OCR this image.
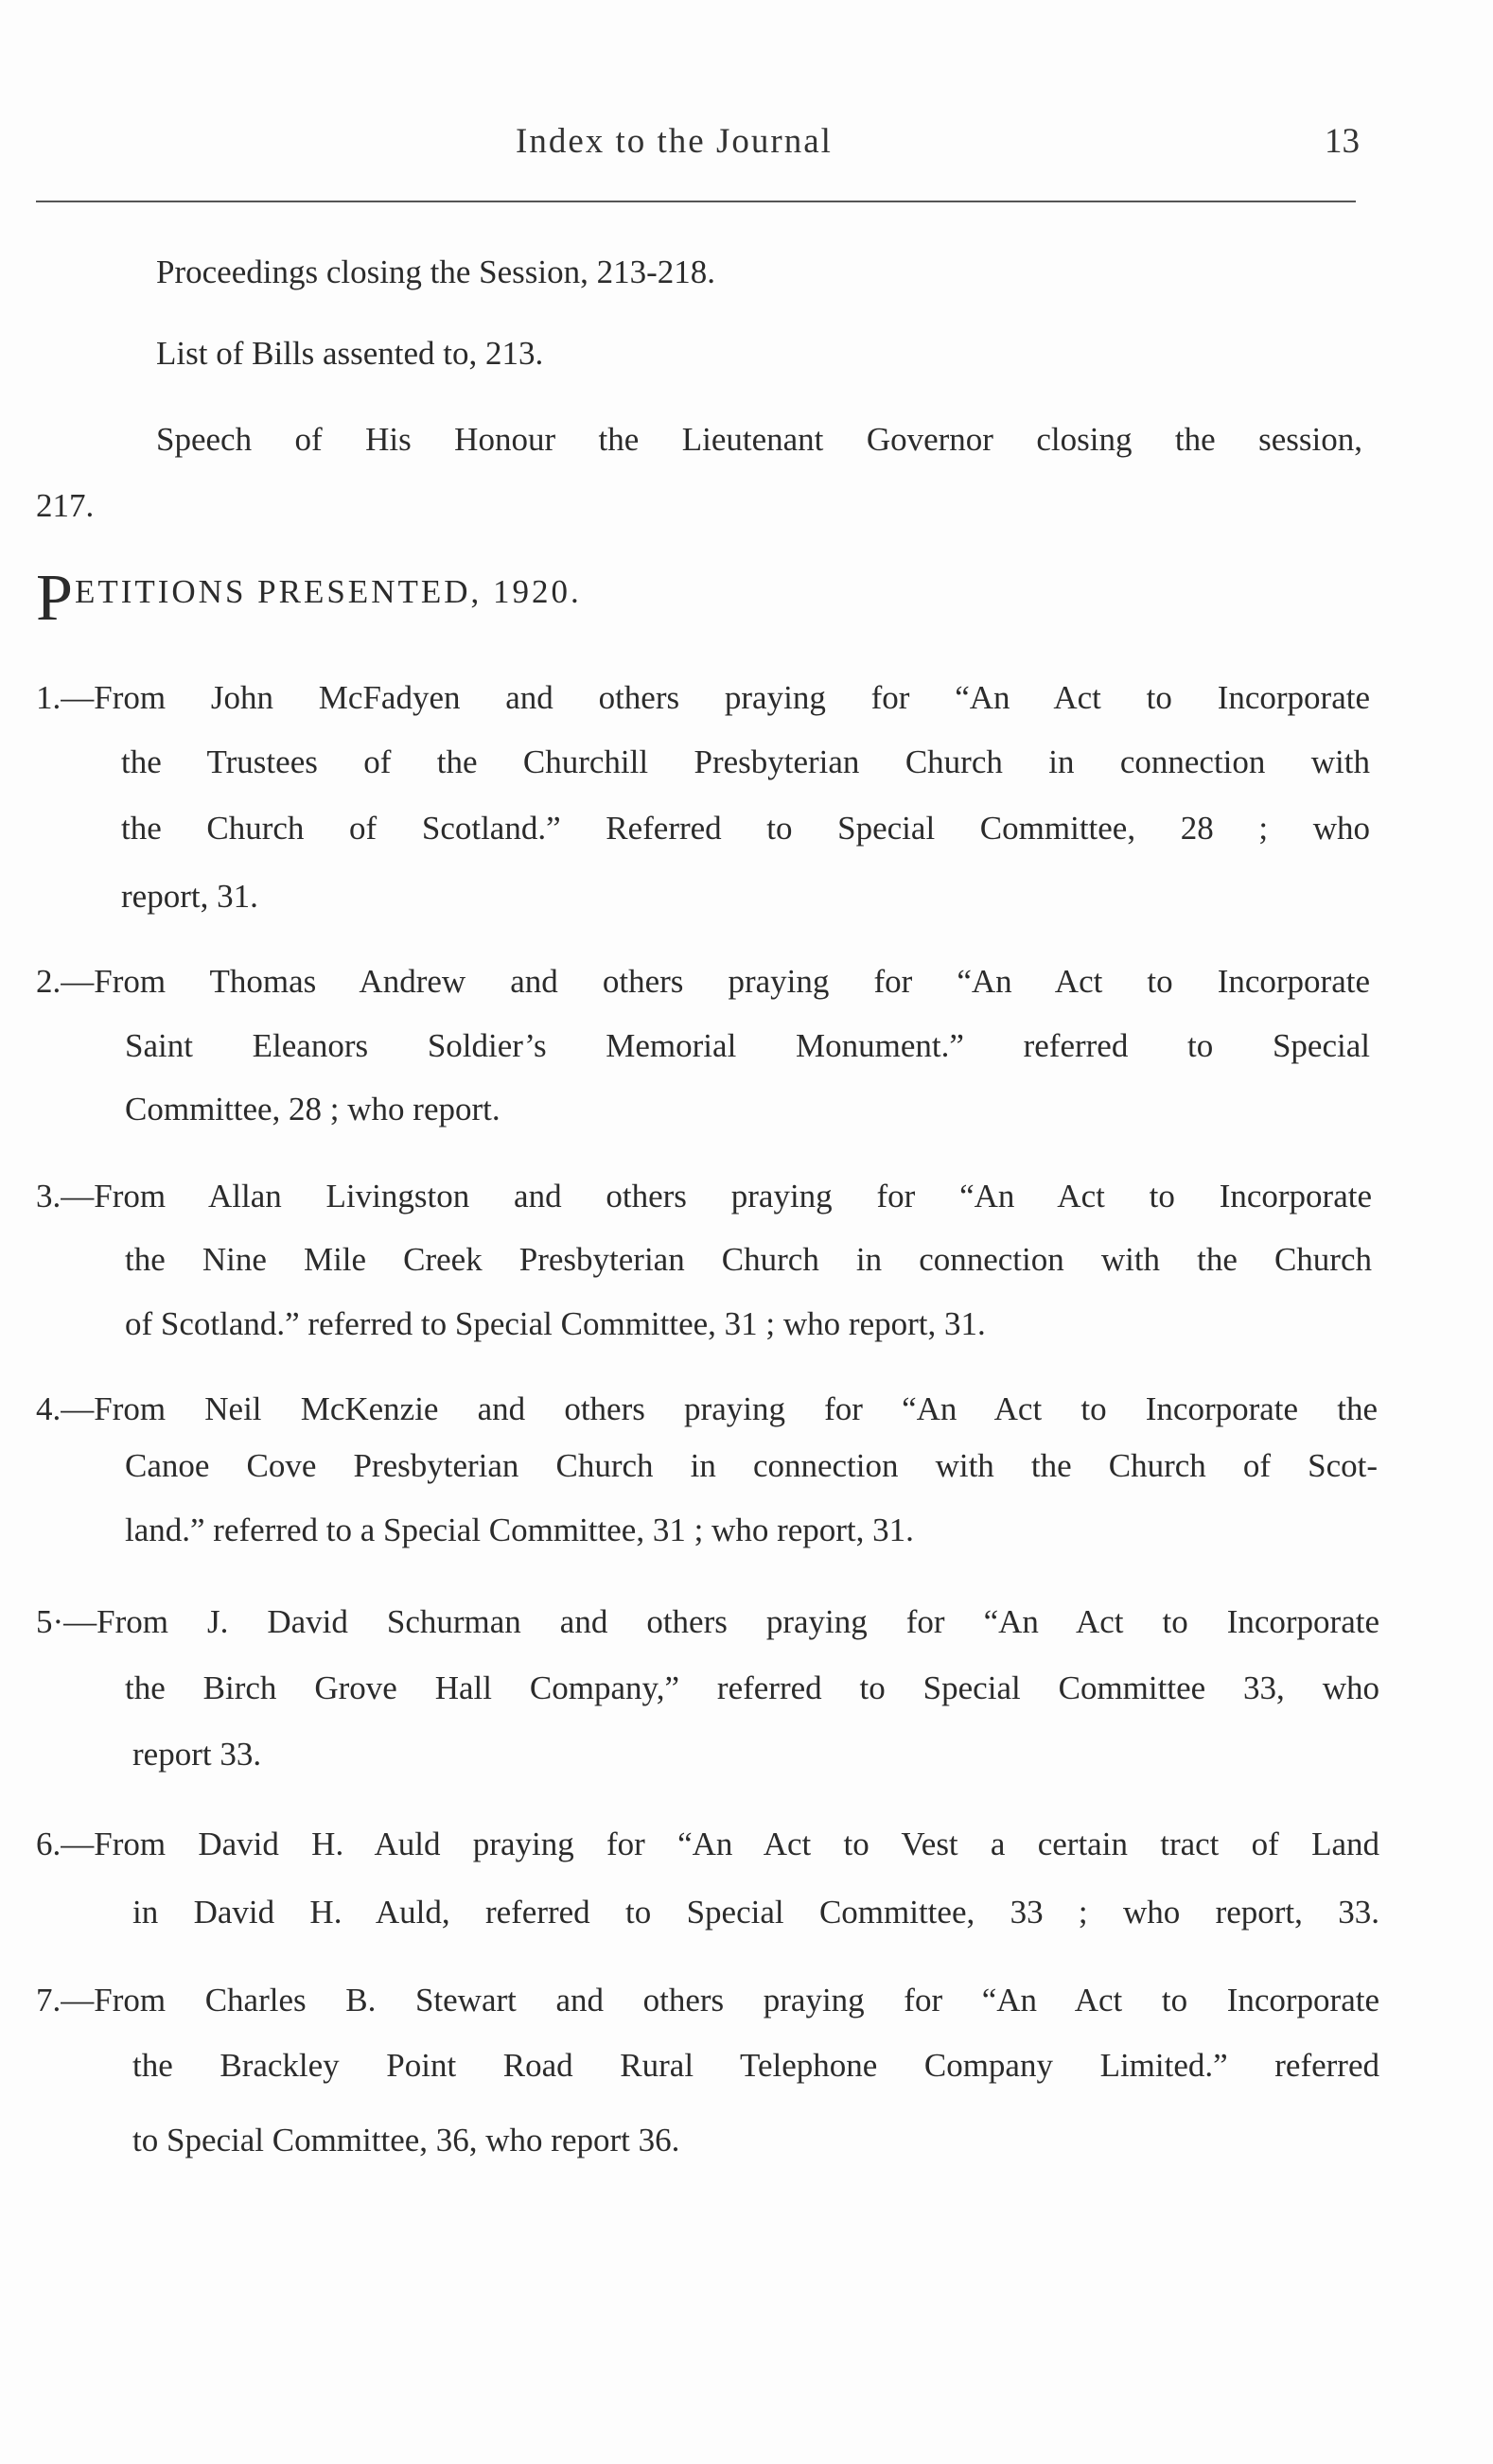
Index to the Journal	13
Proceedings closing the Session, 213-218.
List of Bills assented to, 213.
Speech of His Honour the Lieutenant Governor closing the session,
217.
PETITIONS PRESENTED, 1920.
1.—From John McFadyen and others praying for “An Act to Incorporate
the Trustees of the Churchill Presbyterian Church in connection with
the Church of Scotland.” Referred to Special Committee, 28 ; who
report, 31.
2.—From Thomas Andrew and others praying for “An Act to Incorporate
Saint Eleanors Soldier’s Memorial Monument.” referred to Special
Committee, 28 ; who report.
3.—From Allan Livingston and others praying for “An Act to Incorporate
the Nine Mile Creek Presbyterian Church in connection with the Church
of Scotland.” referred to Special Committee, 31 ; who report, 31.
4.—From Neil McKenzie and others praying for “An Act to Incorporate the
Canoe Cove Presbyterian Church in connection with the Church of Scot-
land.” referred to a Special Committee, 31 ; who report, 31.
5·—From J. David Schurman and others praying for “An Act to Incorporate
the Birch Grove Hall Company,” referred to Special Committee 33, who
report 33.
6.—From David H. Auld praying for “An Act to Vest a certain tract of Land
in David H. Auld, referred to Special Committee, 33 ; who report, 33.
7.—From Charles B. Stewart and others praying for “An Act to Incorporate
the Brackley Point Road Rural Telephone Company Limited.” referred
to Special Committee, 36, who report 36.
